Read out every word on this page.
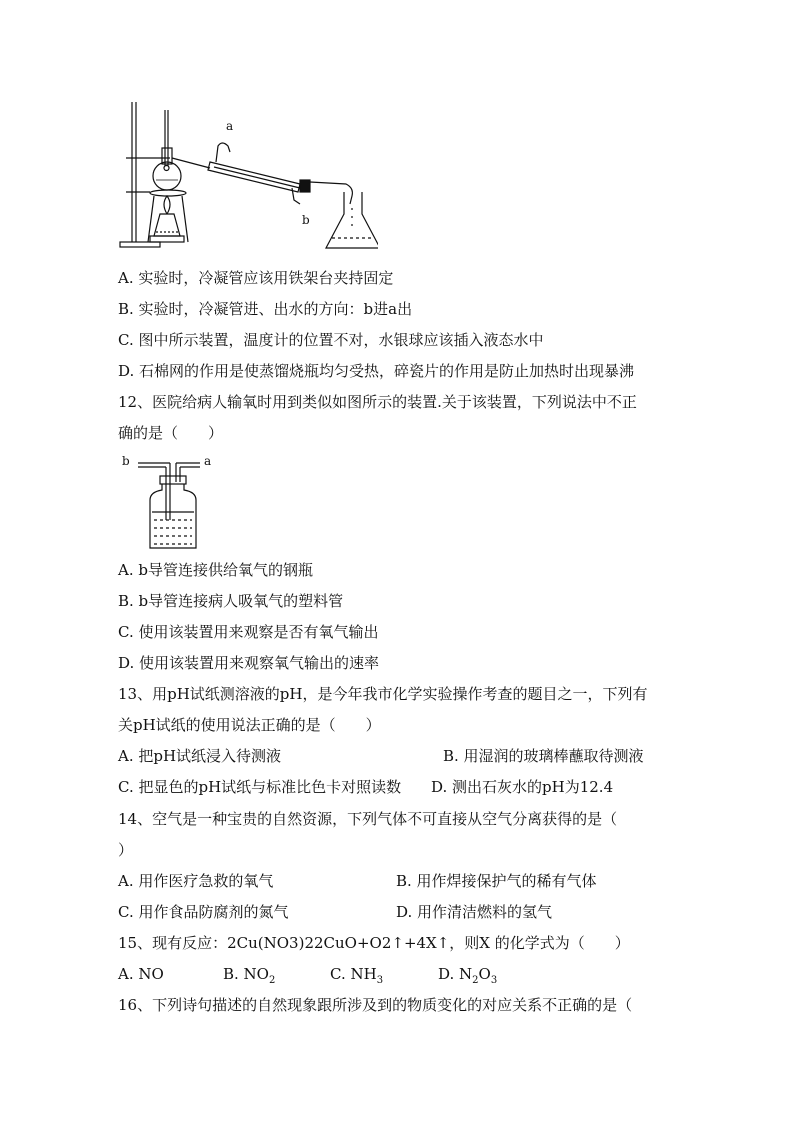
a
b
A. 实验时，冷凝管应该用铁架台夹持固定
B. 实验时，冷凝管进、出水的方向：b进a出
C. 图中所示装置，温度计的位置不对，水银球应该插入液态水中
D. 石棉网的作用是使蒸馏烧瓶均匀受热，碎瓷片的作用是防止加热时出现暴沸
12、医院给病人输氧时用到类似如图所示的装置.关于该装置，下列说法中不正
确的是（　　）
b	a
A. b导管连接供给氧气的钢瓶
B. b导管连接病人吸氧气的塑料管
C. 使用该装置用来观察是否有氧气输出
D. 使用该装置用来观察氧气输出的速率
13、用pH试纸测溶液的pH，是今年我市化学实验操作考查的题目之一，下列有
关pH试纸的使用说法正确的是（　　）
A. 把pH试纸浸入待测液	B. 用湿润的玻璃棒蘸取待测液
C. 把显色的pH试纸与标准比色卡对照读数 D. 测出石灰水的pH为12.4
14、空气是一种宝贵的自然资源，下列气体不可直接从空气分离获得的是（
）
A. 用作医疗急救的氧气	B. 用作焊接保护气的稀有气体
C. 用作食品防腐剂的氮气	D. 用作清洁燃料的氢气
15、现有反应：2Cu(NO3)22CuO+O2↑+4X↑，则X 的化学式为（　　）
A. NO	B. $NO_2$	C. $NH_3$	D. $N_2O_3$
16、下列诗句描述的自然现象跟所涉及到的物质变化的对应关系不正确的是（
